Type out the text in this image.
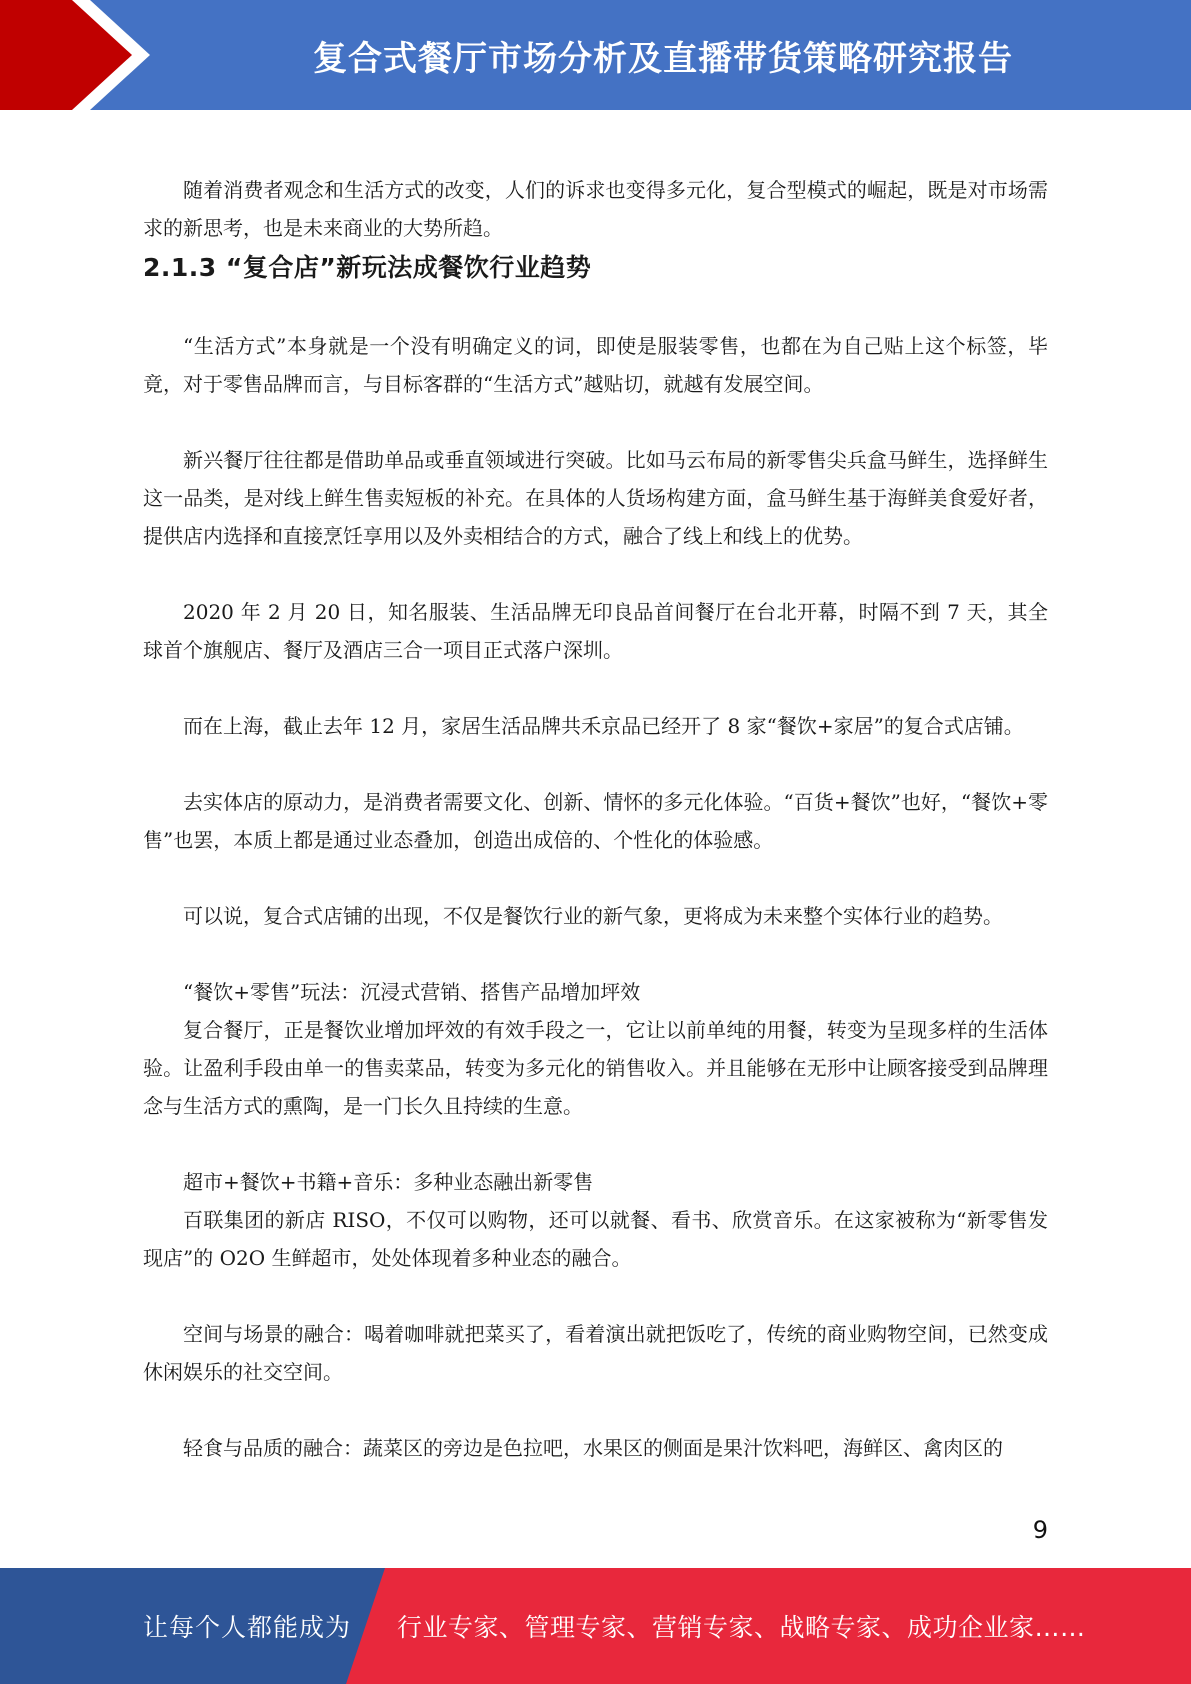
复合式餐厅市场分析及直播带货策略研究报告

随着消费者观念和生活方式的改变，人们的诉求也变得多元化，复合型模式的崛起，既是对市场需求的新思考，也是未来商业的大势所趋。

2.1.3 “复合店”新玩法成餐饮行业趋势

“生活方式”本身就是一个没有明确定义的词，即使是服装零售，也都在为自己贴上这个标签，毕竟，对于零售品牌而言，与目标客群的“生活方式”越贴切，就越有发展空间。

新兴餐厅往往都是借助单品或垂直领域进行突破。比如马云布局的新零售尖兵盒马鲜生，选择鲜生这一品类，是对线上鲜生售卖短板的补充。在具体的人货场构建方面，盒马鲜生基于海鲜美食爱好者，提供店内选择和直接烹饪享用以及外卖相结合的方式，融合了线上和线上的优势。

2020 年 2 月 20 日，知名服装、生活品牌无印良品首间餐厅在台北开幕，时隔不到 7 天，其全球首个旗舰店、餐厅及酒店三合一项目正式落户深圳。

而在上海，截止去年 12 月，家居生活品牌共禾京品已经开了 8 家“餐饮+家居”的复合式店铺。

去实体店的原动力，是消费者需要文化、创新、情怀的多元化体验。“百货+餐饮”也好，“餐饮+零售”也罢，本质上都是通过业态叠加，创造出成倍的、个性化的体验感。

可以说，复合式店铺的出现，不仅是餐饮行业的新气象，更将成为未来整个实体行业的趋势。

“餐饮+零售”玩法：沉浸式营销、搭售产品增加坪效

复合餐厅，正是餐饮业增加坪效的有效手段之一，它让以前单纯的用餐，转变为呈现多样的生活体验。让盈利手段由单一的售卖菜品，转变为多元化的销售收入。并且能够在无形中让顾客接受到品牌理念与生活方式的熏陶，是一门长久且持续的生意。

超市+餐饮+书籍+音乐：多种业态融出新零售

百联集团的新店 RISO，不仅可以购物，还可以就餐、看书、欣赏音乐。在这家被称为“新零售发现店”的 O2O 生鲜超市，处处体现着多种业态的融合。

空间与场景的融合：喝着咖啡就把菜买了，看着演出就把饭吃了，传统的商业购物空间，已然变成休闲娱乐的社交空间。

轻食与品质的融合：蔬菜区的旁边是色拉吧，水果区的侧面是果汁饮料吧，海鲜区、禽肉区的

9
让每个人都能成为 行业专家、管理专家、营销专家、战略专家、成功企业家……
